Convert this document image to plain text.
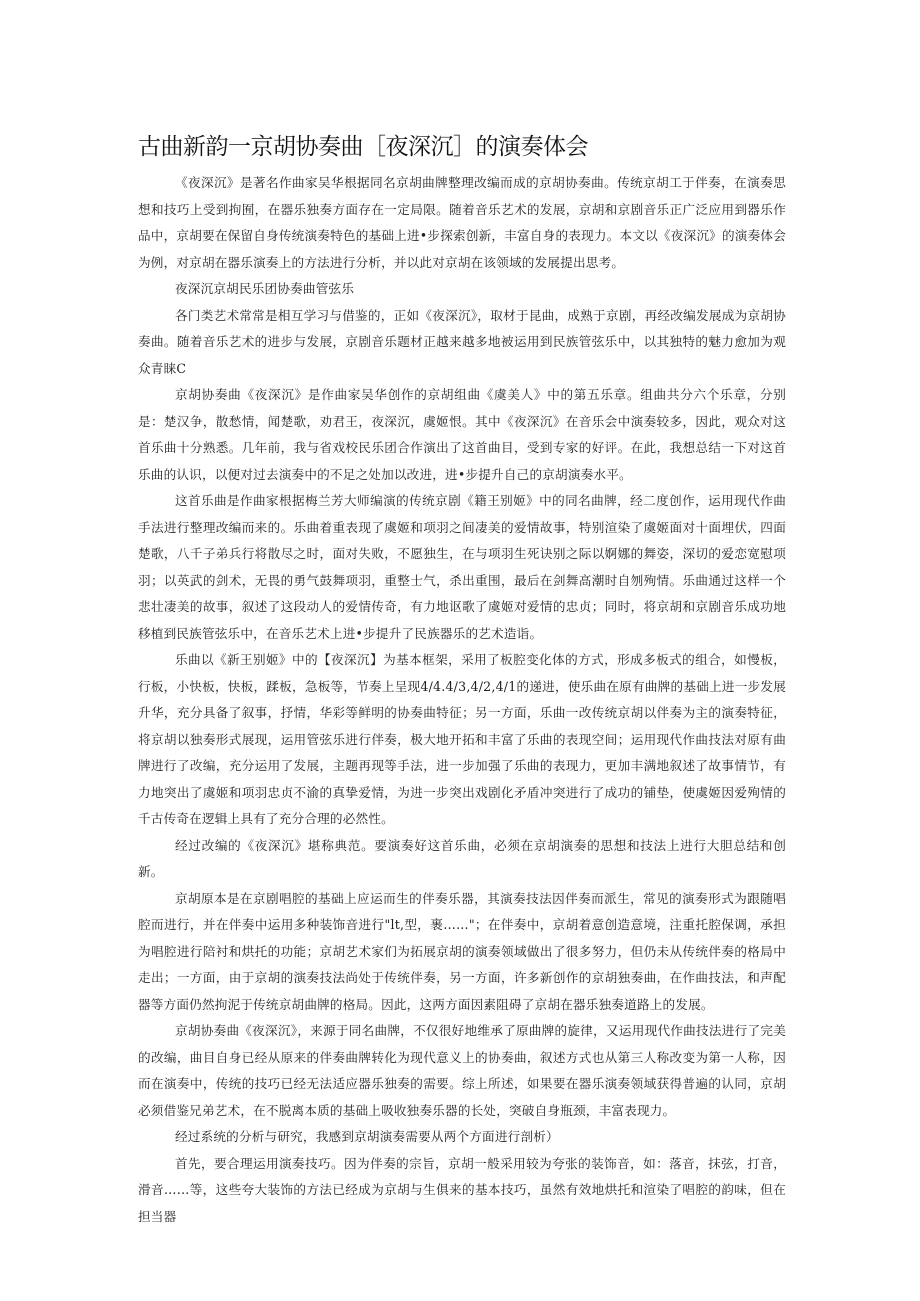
古曲新韵一京胡协奏曲［夜深沉］的演奏体会

《夜深沉》是著名作曲家吴华根据同名京胡曲牌整理改编而成的京胡协奏曲。传统京胡工于伴奏，在演奏思想和技巧上受到拘囿，在器乐独奏方面存在一定局限。随着音乐艺术的发展，京胡和京剧音乐正广泛应用到器乐作品中，京胡要在保留自身传统演奏特色的基础上进•步探索创新，丰富自身的表现力。本文以《夜深沉》的演奏体会为例，对京胡在器乐演奏上的方法进行分析，并以此对京胡在该领域的发展提出思考。

夜深沉京胡民乐团协奏曲管弦乐

各门类艺术常常是相互学习与借鉴的，正如《夜深沉》，取材于昆曲，成熟于京剧，再经改编发展成为京胡协奏曲。随着音乐艺术的进步与发展，京剧音乐题材正越来越多地被运用到民族管弦乐中，以其独特的魅力愈加为观众青睐C

京胡协奏曲《夜深沉》是作曲家吴华创作的京胡组曲《虞美人》中的第五乐章。组曲共分六个乐章，分别是：楚汉争，散愁情，闻楚歌，劝君王，夜深沉，虞姬恨。其中《夜深沉》在音乐会中演奏较多，因此，观众对这首乐曲十分熟悉。几年前，我与省戏校民乐团合作演出了这首曲目，受到专家的好评。在此，我想总结一下对这首乐曲的认识，以便对过去演奏中的不足之处加以改进，进•步提升自己的京胡演奏水平。

这首乐曲是作曲家根据梅兰芳大师编演的传统京剧《籍王别姬》中的同名曲牌，经二度创作，运用现代作曲手法进行整理改编而来的。乐曲着重表现了虞姬和项羽之间凄美的爱情故事，特别渲染了虞姬面对十面埋伏，四面楚歌，八千子弟兵行将散尽之时，面对失败，不愿独生，在与项羽生死诀别之际以婀娜的舞姿，深切的爱恋宽慰项羽；以英武的剑术，无畏的勇气鼓舞项羽，重整士气，杀出重围，最后在剑舞高潮时自刎殉情。乐曲通过这样一个悲壮凄美的故事，叙述了这段动人的爱情传奇，有力地讴歌了虞姬对爱情的忠贞；同时，将京胡和京剧音乐成功地移植到民族管弦乐中，在音乐艺术上进•步提升了民族器乐的艺术造诣。

乐曲以《新王别姬》中的【夜深沉】为基本框架，采用了板腔变化体的方式，形成多板式的组合，如慢板，行板，小快板，快板，蹂板，急板等，节奏上呈现4/4.4/3,4/2,4/1的递进，使乐曲在原有曲牌的基础上进一步发展升华，充分具备了叙事，抒情，华彩等鲜明的协奏曲特征；另一方面，乐曲一改传统京胡以伴奏为主的演奏特征，将京胡以独奏形式展现，运用管弦乐进行伴奏，极大地开拓和丰富了乐曲的表现空间；运用现代作曲技法对原有曲牌进行了改编，充分运用了发展，主题再现等手法，进一步加强了乐曲的表现力，更加丰满地叙述了故事情节，有力地突出了虞姬和项羽忠贞不渝的真挚爱情，为进一步突出戏剧化矛盾冲突进行了成功的铺垫，使虞姬因爱殉情的千古传奇在逻辑上具有了充分合理的必然性。

经过改编的《夜深沉》堪称典范。要演奏好这首乐曲，必须在京胡演奏的思想和技法上进行大胆总结和创新。

京胡原本是在京剧唱腔的基础上应运而生的伴奏乐器，其演奏技法因伴奏而派生，常见的演奏形式为跟随唱腔而进行，并在伴奏中运用多种装饰音进行"lt,型，裹……"；在伴奏中，京胡着意创造意境，注重托腔保调，承担为唱腔进行陪衬和烘托的功能；京胡艺术家们为拓展京胡的演奏领域做出了很多努力，但仍未从传统伴奏的格局中走出；一方面，由于京胡的演奏技法尚处于传统伴奏，另一方面，许多新创作的京胡独奏曲，在作曲技法，和声配器等方面仍然拘泥于传统京胡曲牌的格局。因此，这两方面因素阻碍了京胡在器乐独奏道路上的发展。

京胡协奏曲《夜深沉》，来源于同名曲牌，不仅很好地维承了原曲牌的旋律，又运用现代作曲技法进行了完美的改编，曲目自身已经从原来的伴奏曲牌转化为现代意义上的协奏曲，叙述方式也从第三人称改变为第一人称，因而在演奏中，传统的技巧已经无法适应器乐独奏的需要。综上所述，如果要在器乐演奏领域获得普遍的认同，京胡必须借鉴兄弟艺术，在不脱离本质的基础上吸收独奏乐器的长处，突破自身瓶颈，丰富表现力。

经过系统的分析与研究，我感到京胡演奏需要从两个方面进行剖析）

首先，要合理运用演奏技巧。因为伴奏的宗旨，京胡一般采用较为夸张的装饰音，如：落音，抹弦，打音，滑音……等，这些夸大装饰的方法已经成为京胡与生俱来的基本技巧，虽然有效地烘托和渲染了唱腔的韵味，但在担当器
